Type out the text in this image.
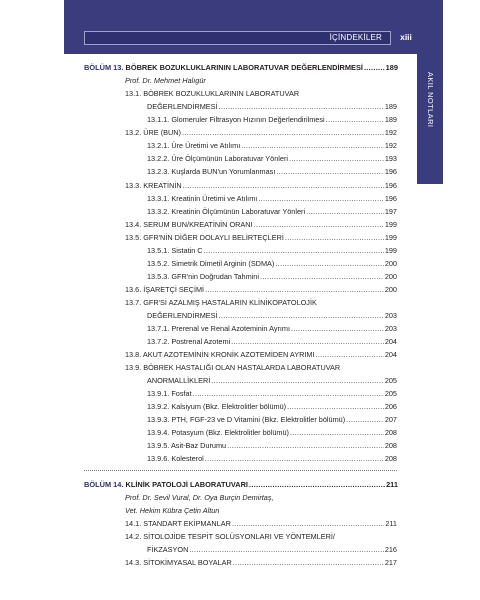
İÇİNDEKİLER	xiii
AKIL NOTLARI
BÖLÜM 13. BÖBREK BOZUKLUKLARININ LABORATUVAR DEĞERLENDİRMESİ .....	189
Prof. Dr. Mehmet Halıgür
13.1. BÖBREK BOZUKLUKLARININ LABORATUVAR
DEĞERLENDİRMESİ .....	189
13.1.1. Glomeruler Filtrasyon Hızının Değerlendirilmesi .....	189
13.2. ÜRE (BUN) .....	192
13.2.1. Üre Üretimi ve Atılımı .....	192
13.2.2. Üre Ölçümünün Laboratuvar Yönleri .....	193
13.2.3. Kuşlarda BUN'un Yorumlanması .....	196
13.3. KREATİNİN .....	196
13.3.1. Kreatinin Üretimi ve Atılımı .....	196
13.3.2. Kreatinin Ölçümünün Laboratuvar Yönleri .....	197
13.4. SERUM BUN/KREATİNİN ORANI .....	199
13.5. GFR'NİN DİĞER DOLAYLI BELİRTEÇLERİ .....	199
13.5.1. Sistatin C .....	199
13.5.2. Simetrik Dimetil Arginin (SDMA) .....	200
13.5.3. GFR'nin Doğrudan Tahmini .....	200
13.6. İŞARETÇİ SEÇİMİ .....	200
13.7. GFR'Sİ AZALMIŞ HASTALARIN KLİNİKOPATOLOJİK
DEĞERLENDİRMESİ .....	203
13.7.1. Prerenal ve Renal Azoteminin Ayrımı .....	203
13.7.2. Postrenal Azotemi .....	204
13.8. AKUT AZOTEMİNİN KRONİK AZOTEMİDEN AYRIMI .....	204
13.9. BÖBREK HASTALIĞI OLAN HASTALARDA LABORATUVAR
ANORMALLİKLERİ .....	205
13.9.1. Fosfat .....	205
13.9.2. Kalsiyum (Bkz. Elektrolitler bölümü) .....	206
13.9.3. PTH, FGF-23 ve D Vitamini (Bkz. Elektrolitler bölümü) .....	207
13.9.4. Potasyum (Bkz. Elektrolitler bölümü) .....	208
13.9.5. Asit-Baz Durumu .....	208
13.9.6. Kolesterol .....	208
BÖLÜM 14. KLİNİK PATOLOJİ LABORATUVARI .....	211
Prof. Dr. Sevil Vural, Dr. Oya Burçin Demirtaş,
Vet. Hekim Kübra Çetin Altun
14.1. STANDART EKİPMANLAR .....	211
14.2. SİTOLOJİDE TESPİT SOLÜSYONLARI VE YÖNTEMLERİ/
FİKZASYON .....	216
14.3. SİTOKİMYASAL BOYALAR .....	217
